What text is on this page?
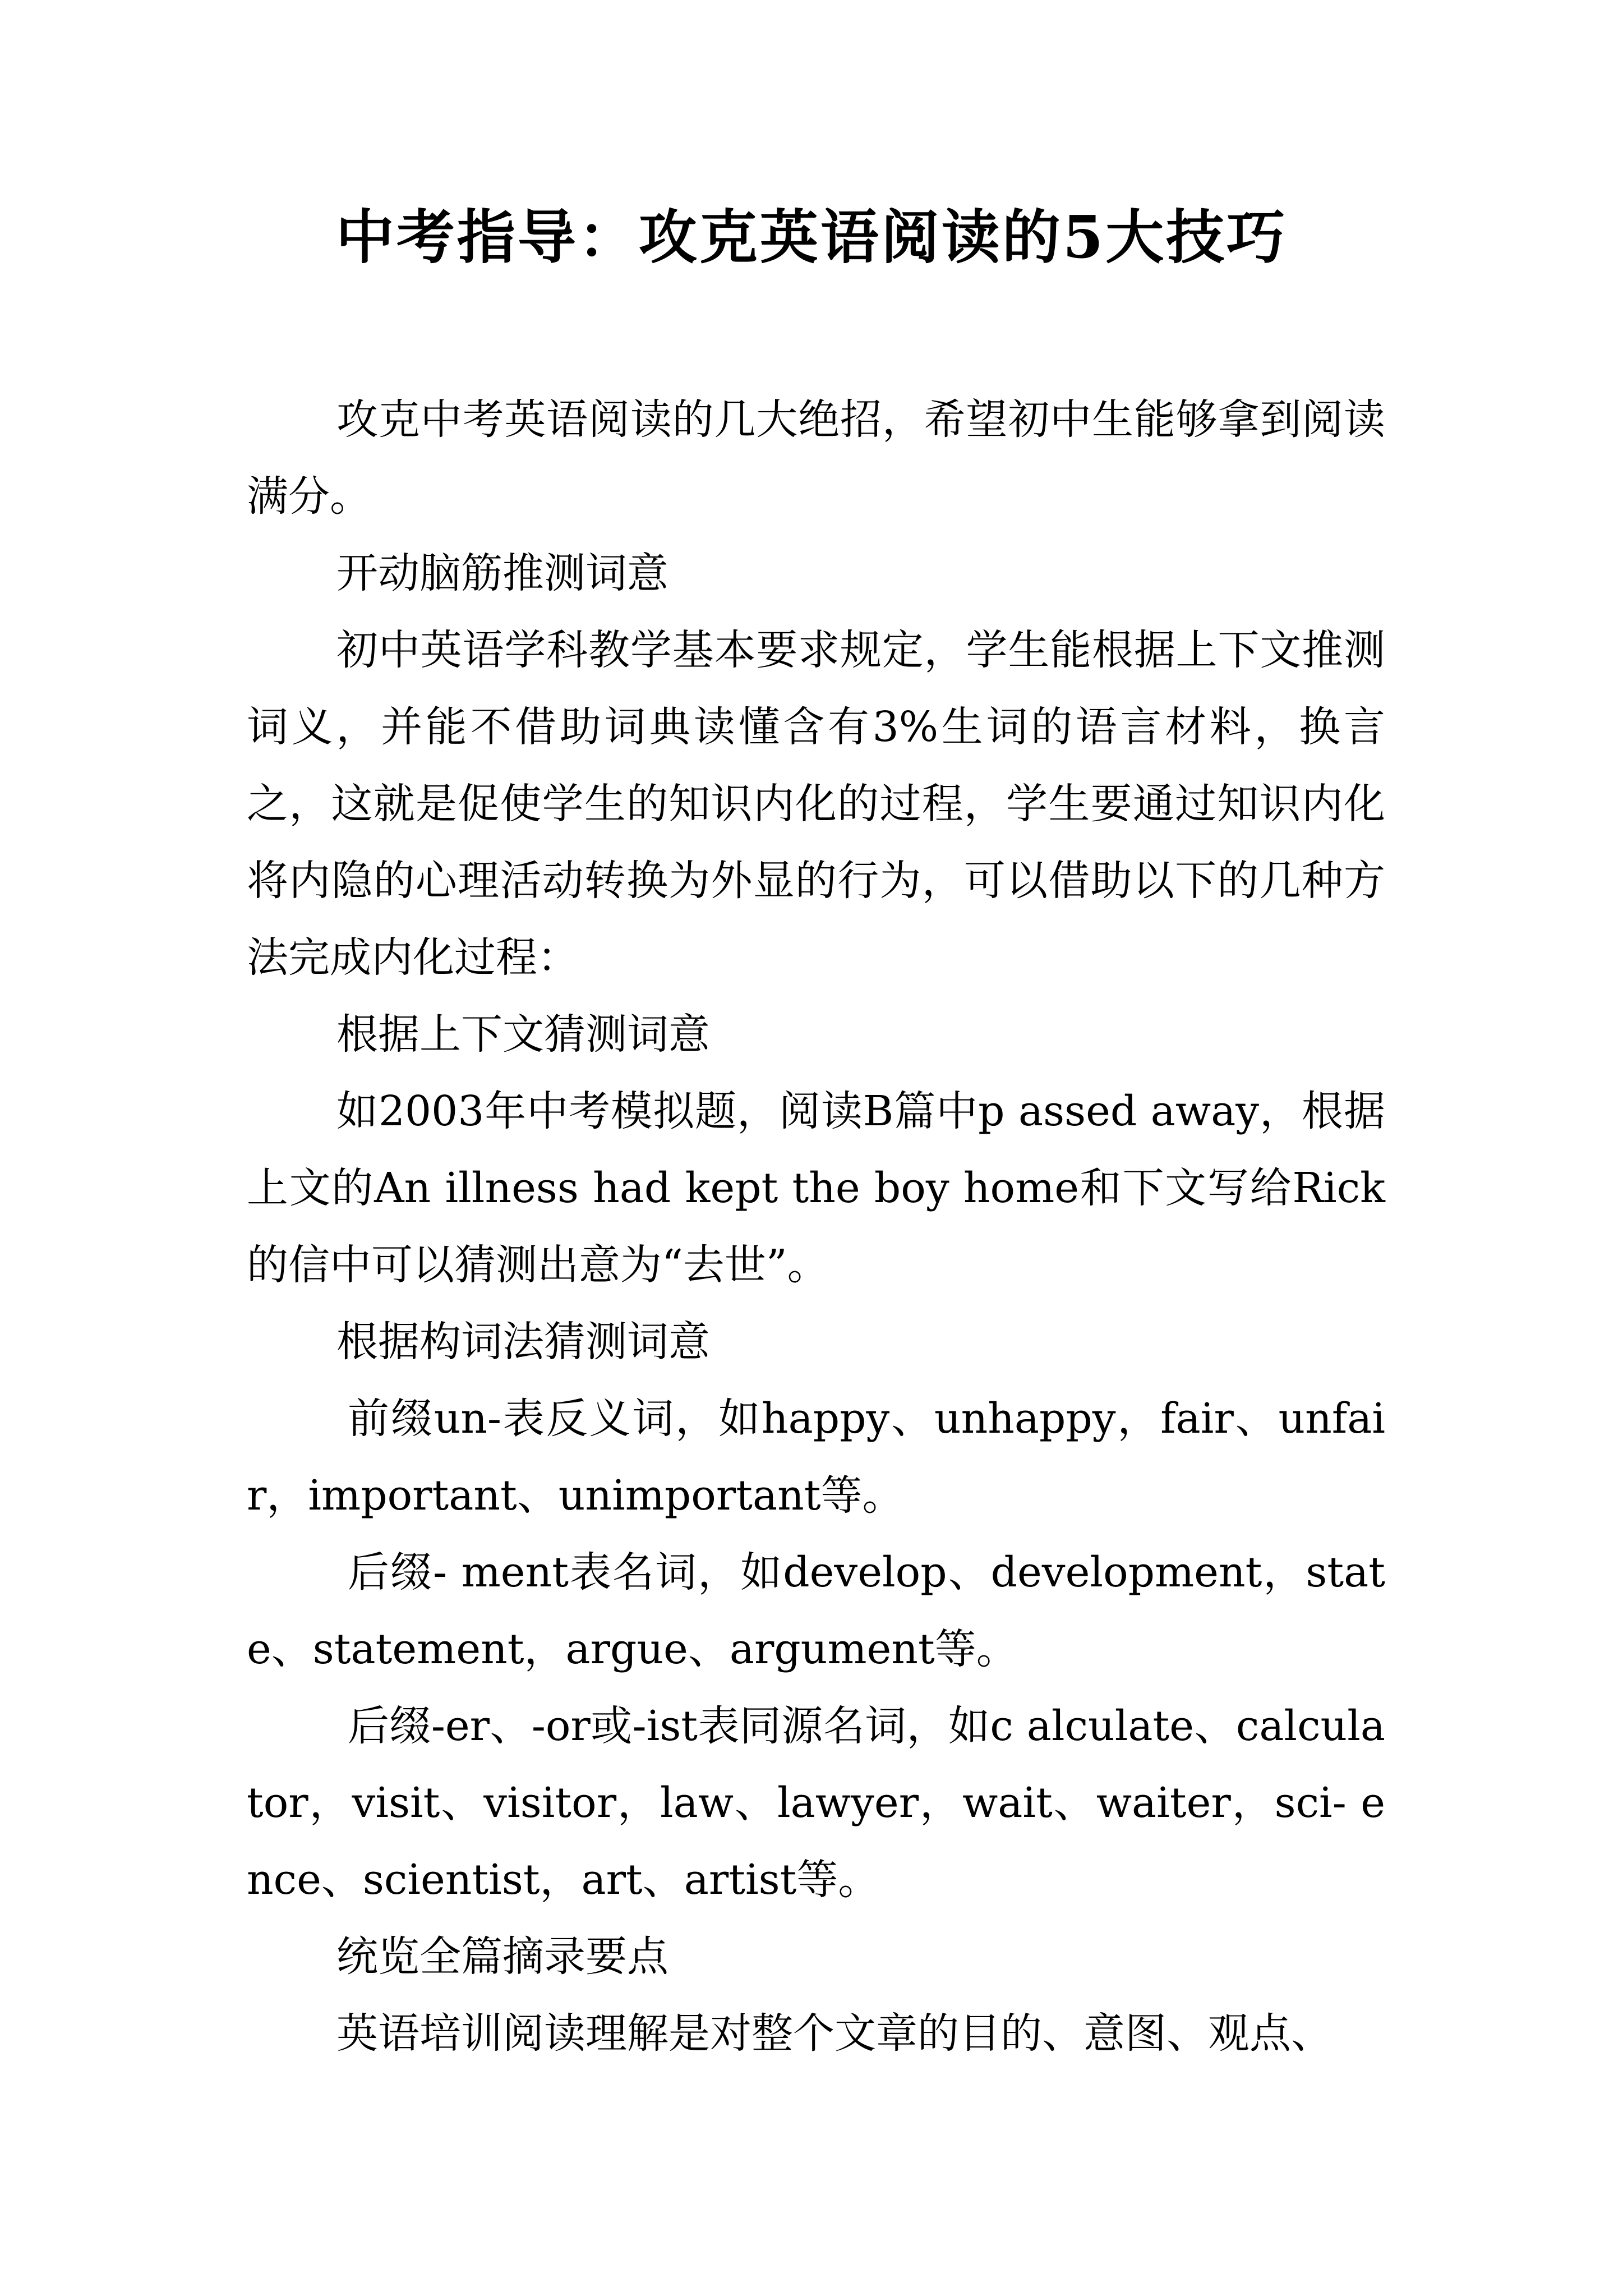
中考指导：攻克英语阅读的5大技巧

攻克中考英语阅读的几大绝招，希望初中生能够拿到阅读满分。

开动脑筋推测词意

初中英语学科教学基本要求规定，学生能根据上下文推测词义，并能不借助词典读懂含有3%生词的语言材料，换言之，这就是促使学生的知识内化的过程，学生要通过知识内化将内隐的心理活动转换为外显的行为，可以借助以下的几种方法完成内化过程：

根据上下文猜测词意

如2003年中考模拟题，阅读B篇中p assed away，根据上文的An illness had kept the boy home和下文写给Rick的信中可以猜测出意为“去世”。

根据构词法猜测词意

前缀un-表反义词，如happy、unhappy，fair、unfair，important、unimportant等。

后缀- ment表名词，如develop、development，state、statement，argue、argument等。

后缀-er、-or或-ist表同源名词，如c alculate、calculator，visit、visitor，law、lawyer，wait、waiter，sci- ence、scientist，art、artist等。

统览全篇摘录要点

英语培训阅读理解是对整个文章的目的、意图、观点、
